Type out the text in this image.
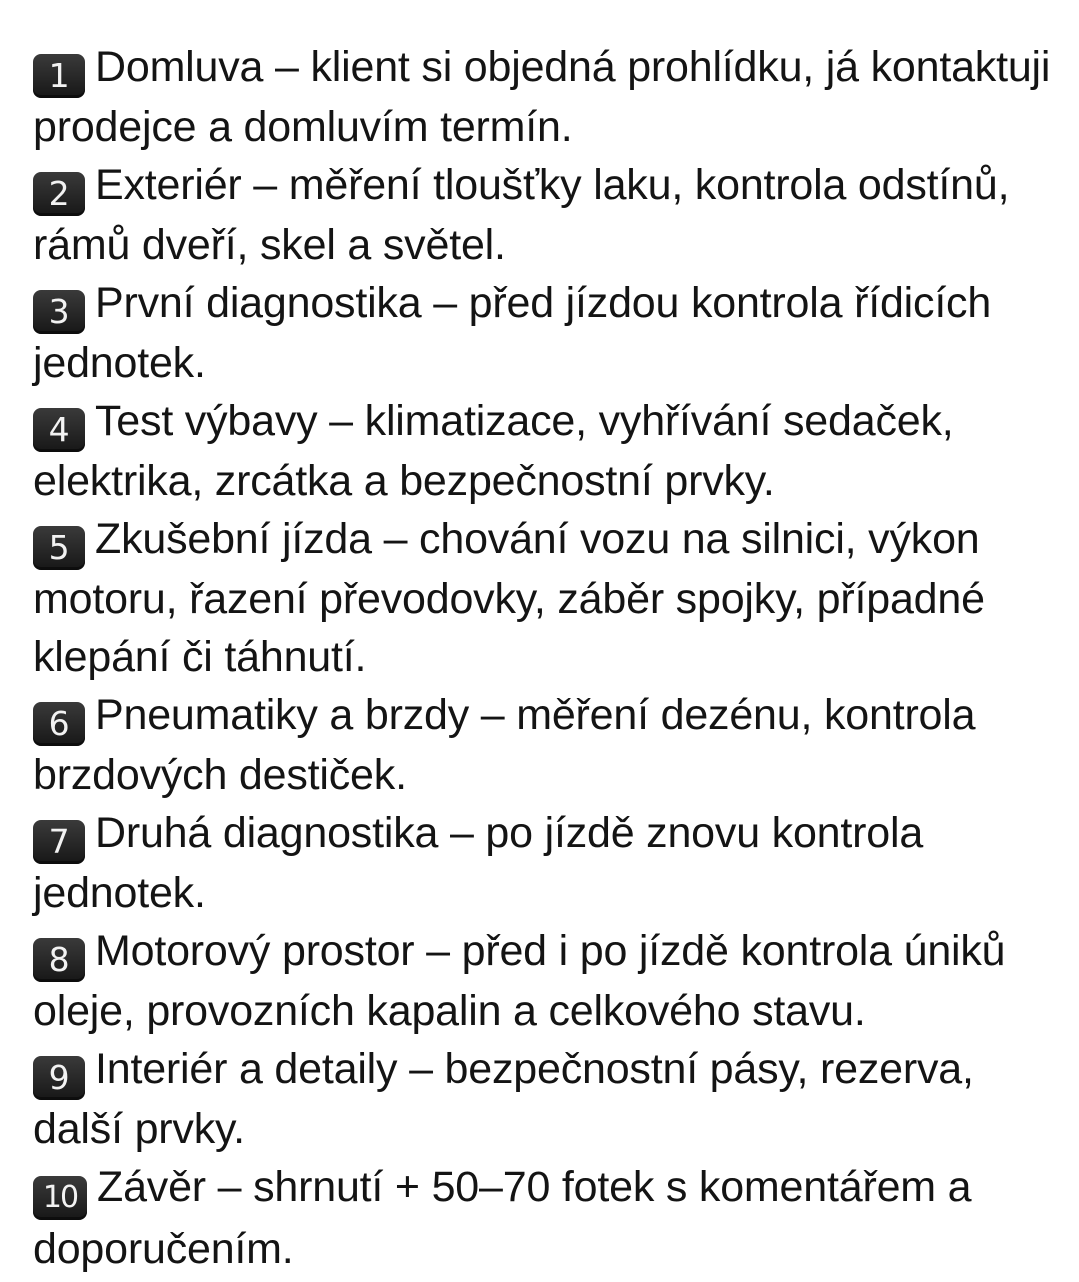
1 Domluva – klient si objedná prohlídku, já kontaktuji prodejce a domluvím termín.
2 Exteriér – měření tloušťky laku, kontrola odstínů, rámů dveří, skel a světel.
3 První diagnostika – před jízdou kontrola řídicích jednotek.
4 Test výbavy – klimatizace, vyhřívání sedaček, elektrika, zrcátka a bezpečnostní prvky.
5 Zkušební jízda – chování vozu na silnici, výkon motoru, řazení převodovky, záběr spojky, případné klepání či táhnutí.
6 Pneumatiky a brzdy – měření dezénu, kontrola brzdových destiček.
7 Druhá diagnostika – po jízdě znovu kontrola jednotek.
8 Motorový prostor – před i po jízdě kontrola úniků oleje, provozních kapalin a celkového stavu.
9 Interiér a detaily – bezpečnostní pásy, rezerva, další prvky.
10 Závěr – shrnutí + 50–70 fotek s komentářem a doporučením.
